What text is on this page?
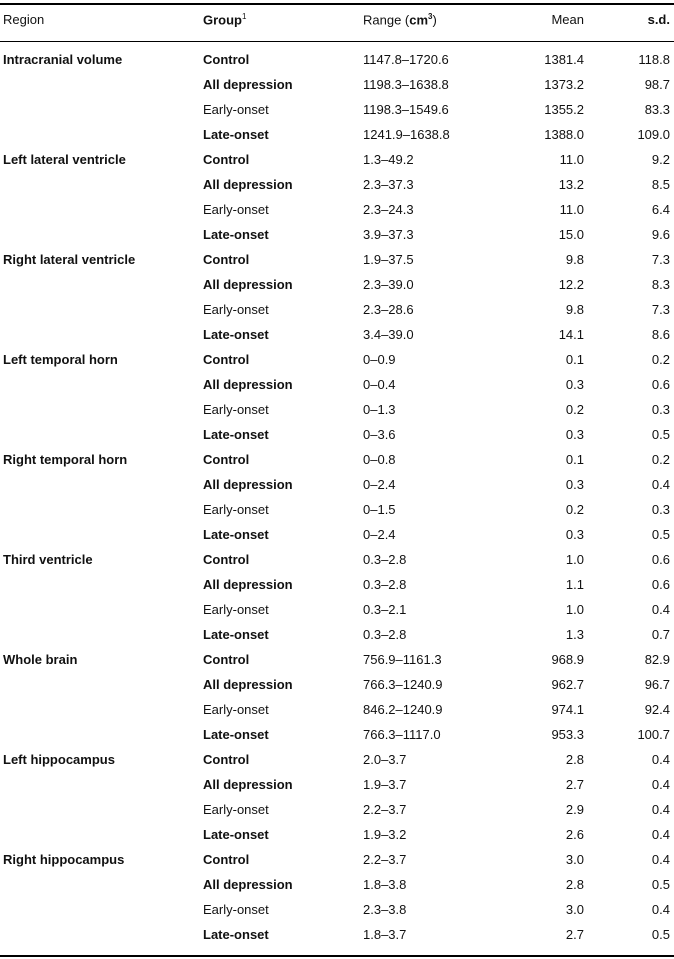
Region	Group$^1$	Range $(cm^3)$	Mean	s.d.
Intracranial volume	Control	1147.8–1720.6	1381.4	118.8
All depression	1198.3–1638.8	1373.2	98.7
Early-onset	1198.3–1549.6	1355.2	83.3
Late-onset	1241.9–1638.8	1388.0	109.0
Left lateral ventricle	Control	1.3–49.2	11.0	9.2
All depression	2.3–37.3	13.2	8.5
Early-onset	2.3–24.3	11.0	6.4
Late-onset	3.9–37.3	15.0	9.6
Right lateral ventricle	Control	1.9–37.5	9.8	7.3
All depression	2.3–39.0	12.2	8.3
Early-onset	2.3–28.6	9.8	7.3
Late-onset	3.4–39.0	14.1	8.6
Left temporal horn	Control	0–0.9	0.1	0.2
All depression	0–0.4	0.3	0.6
Early-onset	0–1.3	0.2	0.3
Late-onset	0–3.6	0.3	0.5
Right temporal horn	Control	0–0.8	0.1	0.2
All depression	0–2.4	0.3	0.4
Early-onset	0–1.5	0.2	0.3
Late-onset	0–2.4	0.3	0.5
Third ventricle	Control	0.3–2.8	1.0	0.6
All depression	0.3–2.8	1.1	0.6
Early-onset	0.3–2.1	1.0	0.4
Late-onset	0.3–2.8	1.3	0.7
Whole brain	Control	756.9–1161.3	968.9	82.9
All depression	766.3–1240.9	962.7	96.7
Early-onset	846.2–1240.9	974.1	92.4
Late-onset	766.3–1117.0	953.3	100.7
Left hippocampus	Control	2.0–3.7	2.8	0.4
All depression	1.9–3.7	2.7	0.4
Early-onset	2.2–3.7	2.9	0.4
Late-onset	1.9–3.2	2.6	0.4
Right hippocampus	Control	2.2–3.7	3.0	0.4
All depression	1.8–3.8	2.8	0.5
Early-onset	2.3–3.8	3.0	0.4
Late-onset	1.8–3.7	2.7	0.5
